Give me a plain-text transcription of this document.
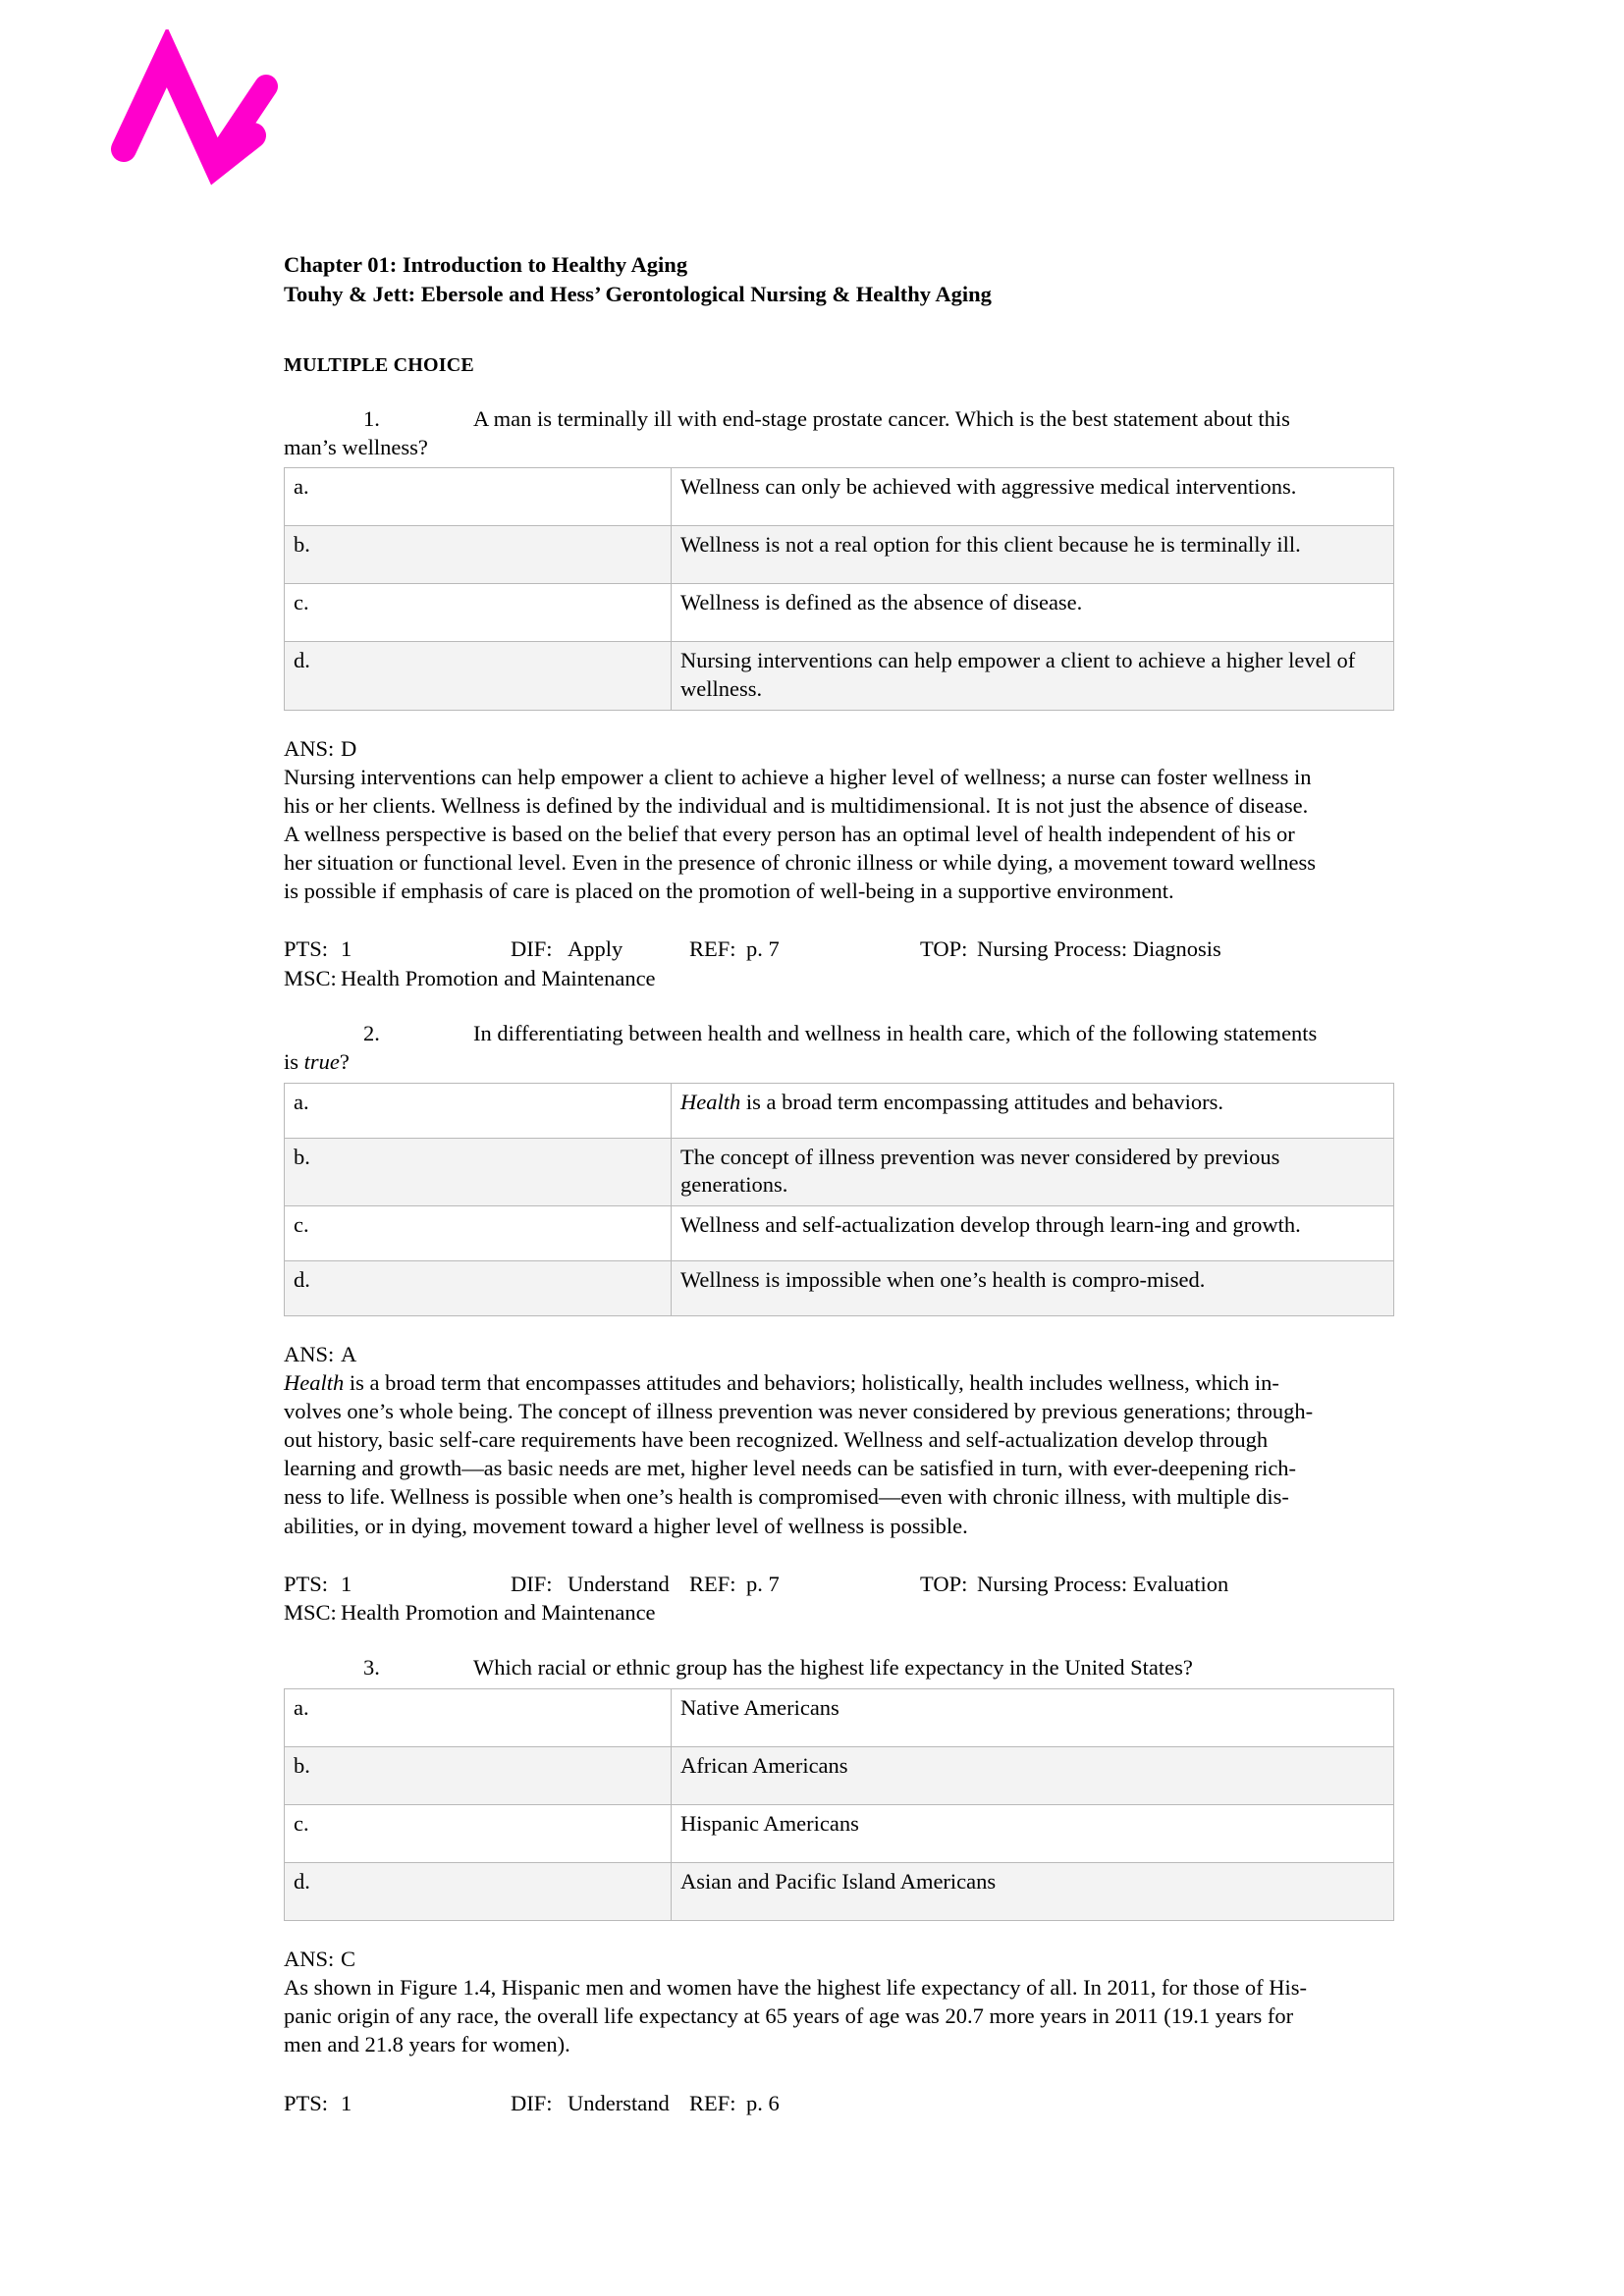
Chapter 01: Introduction to Healthy Aging
Touhy & Jett: Ebersole and Hess’ Gerontological Nursing & Healthy Aging
MULTIPLE CHOICE

1.	A man is terminally ill with end-stage prostate cancer. Which is the best statement about this
man’s wellness?

a.	Wellness can only be achieved with aggressive medical interventions.
b.	Wellness is not a real option for this client because he is terminally ill.
c.	Wellness is defined as the absence of disease.
d.	Nursing interventions can help empower a client to achieve a higher level of wellness.

ANS: D

Nursing interventions can help empower a client to achieve a higher level of wellness; a nurse can foster wellness in
his or her clients. Wellness is defined by the individual and is multidimensional. It is not just the absence of disease.
A wellness perspective is based on the belief that every person has an optimal level of health independent of his or
her situation or functional level. Even in the presence of chronic illness or while dying, a movement toward wellness
is possible if emphasis of care is placed on the promotion of well-being in a supportive environment.
PTS: 1	DIF: Apply	REF: p. 7	TOP: Nursing Process: Diagnosis
MSC: Health Promotion and Maintenance

2.	In differentiating between health and wellness in health care, which of the following statements
is true?

a.	Health is a broad term encompassing attitudes and behaviors.
b.	The concept of illness prevention was never considered by previous generations.
c.	Wellness and self-actualization develop through learn-ing and growth.
d.	Wellness is impossible when one’s health is compro-mised.

ANS: A

Health is a broad term that encompasses attitudes and behaviors; holistically, health includes wellness, which in-
volves one’s whole being. The concept of illness prevention was never considered by previous generations; through-
out history, basic self-care requirements have been recognized. Wellness and self-actualization develop through
learning and growth—as basic needs are met, higher level needs can be satisfied in turn, with ever-deepening rich-
ness to life. Wellness is possible when one’s health is compromised—even with chronic illness, with multiple dis-
abilities, or in dying, movement toward a higher level of wellness is possible.
PTS: 1	DIF: Understand REF: p. 7	TOP: Nursing Process: Evaluation
MSC: Health Promotion and Maintenance

3.	Which racial or ethnic group has the highest life expectancy in the United States?

a.	Native Americans
b.	African Americans
c.	Hispanic Americans
d.	Asian and Pacific Island Americans

ANS: C

As shown in Figure 1.4, Hispanic men and women have the highest life expectancy of all. In 2011, for those of His-
panic origin of any race, the overall life expectancy at 65 years of age was 20.7 more years in 2011 (19.1 years for
men and 21.8 years for women).
PTS: 1	DIF: Understand REF: p. 6
